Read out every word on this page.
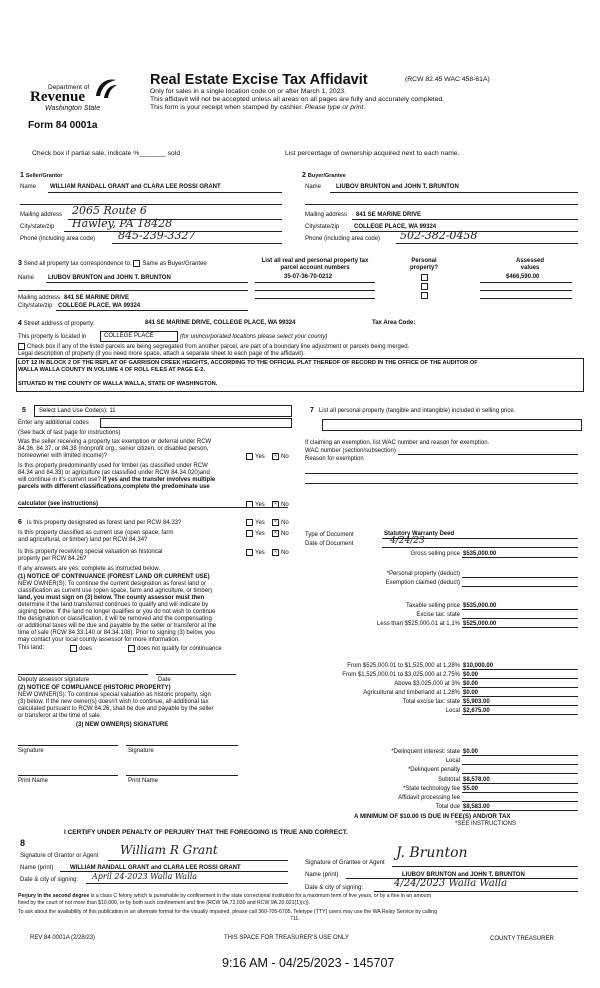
Department of
Revenue
Washington State
Form 84 0001a
Real Estate Excise Tax Affidavit	(RCW 82.45 WAC 458-61A)
Only for sales in a single location code on or after March 1, 2023.
This affidavit will not be accepted unless all areas on all pages are fully and accurately completed.
This form is your receipt when stamped by cashier. Please type or print.
Check box if partial sale, indicate %_______ sold	List percentage of ownership acquired next to each name.
1 Seller/Grantor
Name WILLIAM RANDALL GRANT and CLARA LEE ROSSI GRANT
Mailing address 2065 Route 6
City/state/zip Hawley, PA 18428
Phone (including area code) 845-239-3327
2 Buyer/Grantee
Name LIUBOV BRUNTON and JOHN T. BRUNTON
Mailing address 841 SE MARINE DRIVE
City/state/zip COLLEGE PLACE, WA 99324
Phone (including area code) 502-382-0458
3 Send all property tax correspondence to: Same as Buyer/Grantee
Name LIUBOV BRUNTON and JOHN T. BRUNTON
Mailing address 841 SE MARINE DRIVE
City/state/zip COLLEGE PLACE, WA 99324
List all real and personal property tax
parcel account numbers
35-07-36-70-0212
Personal
property?
Assessed
values
$466,590.00
4 Street address of property:	841 SE MARINE DRIVE, COLLEGE PLACE, WA 99324	Tax Area Code:
This property is located in	COLLEGE PLACE	(for unincorporated locations please select your county)
Check box if any of the listed parcels are being segregated from another parcel, are part of a boundary line adjustment or parcels being merged.
Legal description of property (if you need more space, attach a separate sheet to each page of the affidavit).
LOT 12 IN BLOCK 2 OF THE REPLAT OF GARRISON CREEK HEIGHTS, ACCORDING TO THE OFFICIAL PLAT THEREOF OF RECORD IN THE OFFICE OF THE AUDITOR OF
WALLA WALLA COUNTY IN VOLUME 4 OF ROLL FILES AT PAGE E-2.
SITUATED IN THE COUNTY OF WALLA WALLA, STATE OF WASHINGTON.
5 Select Land Use Code(s): 11
Enter any additional codes
(See back of last page for instructions)
Was the seller receiving a property tax exemption or deferral under RCW
84.36, 84.37, or 84.38 (nonprofit org., senior citizen, or disabled person,
homeowner with limited income)?	Yes ×	No
Is this property predominantly used for timber (as classified under RCW
84.34 and 84.33) or agriculture (as classified under RCW 84.34.020)and
will continue in it's current use? If yes and the transfer involves multiple
parcels with different classifications,complete the predominate use
calculator (see instructions)	Yes ×	No
6 Is this property designated as forest land per RCW 84.33?	Yes ×	No
Is this property classified as current use (open space, farm
and agricultural, or timber) land per RCW 84.34?
Yes ×	No
Is this property receiving special valuation as historical
property per RCW 84.26?
Yes ×	No
If any answers are yes, complete as instructed below.
(1) NOTICE OF CONTINUANCE (FOREST LAND OR CURRENT USE)
NEW OWNER(S): To continue the current designation as forest land or
classification as current use (open space, farm and agriculture, or timber)
land, you must sign on (3) below. The county assessor must then
determine if the land transferred continues to qualify and will indicate by
signing below. If the land no longer qualifies or you do not wish to continue
the designation or classification, it will be removed and the compensating
or additional taxes will be due and payable by the seller or transferor at the
time of sale (RCW 84.33.140 or 84.34.108). Prior to signing (3) below, you
may contact your local county assessor for more information.
This land:	does	does not qualify for continuance
Deputy assessor signature	Date
(2) NOTICE OF COMPLIANCE (HISTORIC PROPERTY)
NEW OWNER(S): To continue special valuation as historic property, sign
(3) below. If the new owner(s) doesn't wish to continue, all additional tax
calculated pursuant to RCW 84.26, shall be due and payable by the seller
or transferor at the time of sale.
(3) NEW OWNER(S) SIGNATURE
Signature	Signature
Print Name	Print Name
7 List all personal property (tangible and intangible) included in selling price.
If claiming an exemption, list WAC number and reason for exemption.
WAC number (section/subsection)
Reason for exemption
Type of Document	Statutory Warranty Deed
Date of Document	4/24/23
Gross selling price $535,000.00
*Personal property (deduct)
Exemption claimed (deduct)
Taxable selling price $535,000.00
Excise tax: state
Less than $525,000.01 at 1.1% $525,000.00
From $525,000.01 to $1,525,000 at 1.28% $10,000.00
From $1,525,000.01 to $3,025,000 at 2.75% $0.00
Above $3,025,000 at 3% $0.00
Agricultural and timberland at 1.28% $0.00
Total excise tax: state $5,903.00
Local $2,675.00
*Delinquent interest: state $0.00
Local
*Delinquent penalty
Subtotal $8,578.00
*State technology fee $5.00
Affidavit processing fee
Total due $8,583.00
A MINIMUM OF $10.00 IS DUE IN FEE(S) AND/OR TAX
*SEE INSTRUCTIONS
I CERTIFY UNDER PENALTY OF PERJURY THAT THE FOREGOING IS TRUE AND CORRECT.
8
Signature of Grantor or Agent William R Grant
Name (print)	WILLIAM RANDALL GRANT and CLARA LEE ROSSI GRANT
Date & city of signing: April 24-2023 Walla Walla
Signature of Grantee or Agent
J. Brunton
Name (print)	LIUBOV BRUNTON and JOHN T. BRUNTON
Date & city of signing:	4/24/2023 Walla Walla
Perjury in the second degree is a class C felony which is punishable by confinement in the state correctional institution for a maximum term of five years, or by a fine in an amount
fixed by the court of not more than $10,000, or by both such confinement and fine (RCW 9A.72.030 and RCW 9A.20.021(1)(c)).
To ask about the availability of this publication in an alternate format for the visually impaired, please call 360-705-6705. Teletype (TTY) users may use the WA Relay Service by calling
711.
REV 84 0001A (2/28/23)	THIS SPACE FOR TREASURER'S USE ONLY	COUNTY TREASURER
9:16 AM - 04/25/2023 - 145707
